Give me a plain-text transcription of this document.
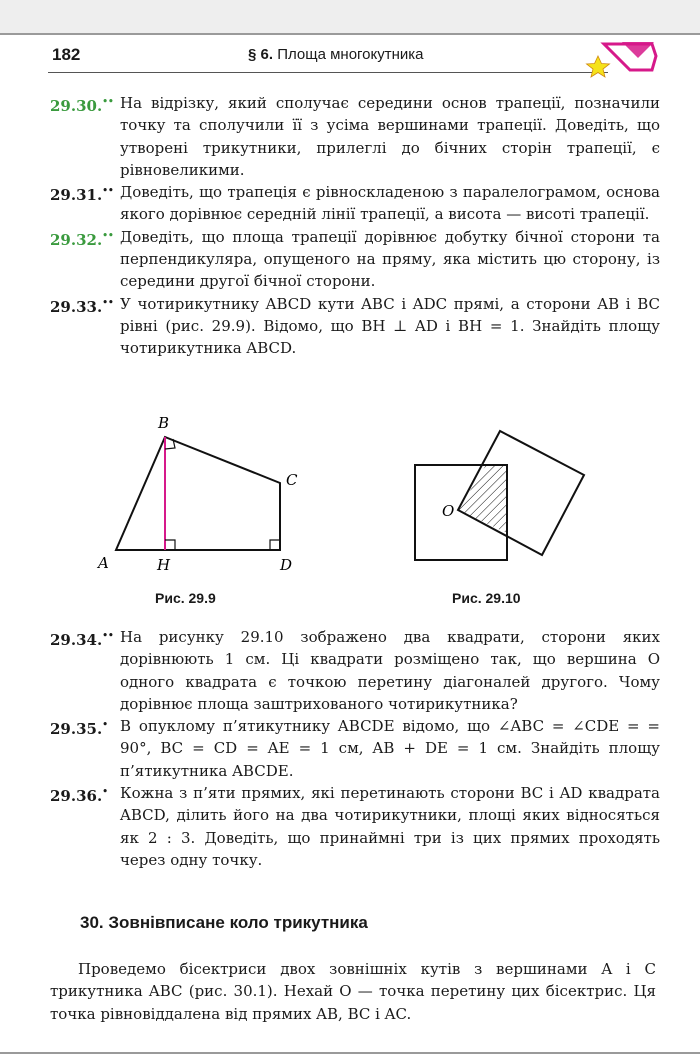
182	§ 6. Площа многокутника

29.30.•• На відрізку, який сполучає середини основ трапеції, позначили точку та сполучили її з усіма вершинами трапеції. Доведіть, що утворені трикутники, прилеглі до бічних сторін трапеції, є рівновеликими.

29.31.•• Доведіть, що трапеція є рівноскладеною з паралелограмом, основа якого дорівнює середній лінії трапеції, а висота — висоті трапеції.

29.32.•• Доведіть, що площа трапеції дорівнює добутку бічної сторони та перпендикуляра, опущеного на пряму, яка містить цю сторону, із середини другої бічної сторони.

29.33.•• У чотирикутнику ABCD кути ABC і ADC прямі, а сторони AB і BC рівні (рис. 29.9). Відомо, що BH ⊥ AD і BH = 1. Знайдіть площу чотирикутника ABCD.

B
C
A	H	D
O
Рис. 29.9	Рис. 29.10

29.34.•• На рисунку 29.10 зображено два квадрати, сторони яких дорівнюють 1 см. Ці квадрати розміщено так, що вершина O одного квадрата є точкою перетину діагоналей другого. Чому дорівнює площа заштрихованого чотирикутника?

29.35.• В опуклому п’ятикутнику ABCDE відомо, що ∠ABC = ∠CDE = = 90°, BC = CD = AE = 1 см, AB + DE = 1 см. Знайдіть площу п’ятикутника ABCDE.

29.36.• Кожна з п’яти прямих, які перетинають сторони BC і AD квадрата ABCD, ділить його на два чотирикутники, площі яких відносяться як 2 : 3. Доведіть, що принаймні три із цих прямих проходять через одну точку.

30. Зовнівписане коло трикутника

Проведемо бісектриси двох зовнішніх кутів з вершинами A і C трикутника ABC (рис. 30.1). Нехай O — точка перетину цих бісектрис. Ця точка рівновіддалена від прямих AB, BC і AC.
